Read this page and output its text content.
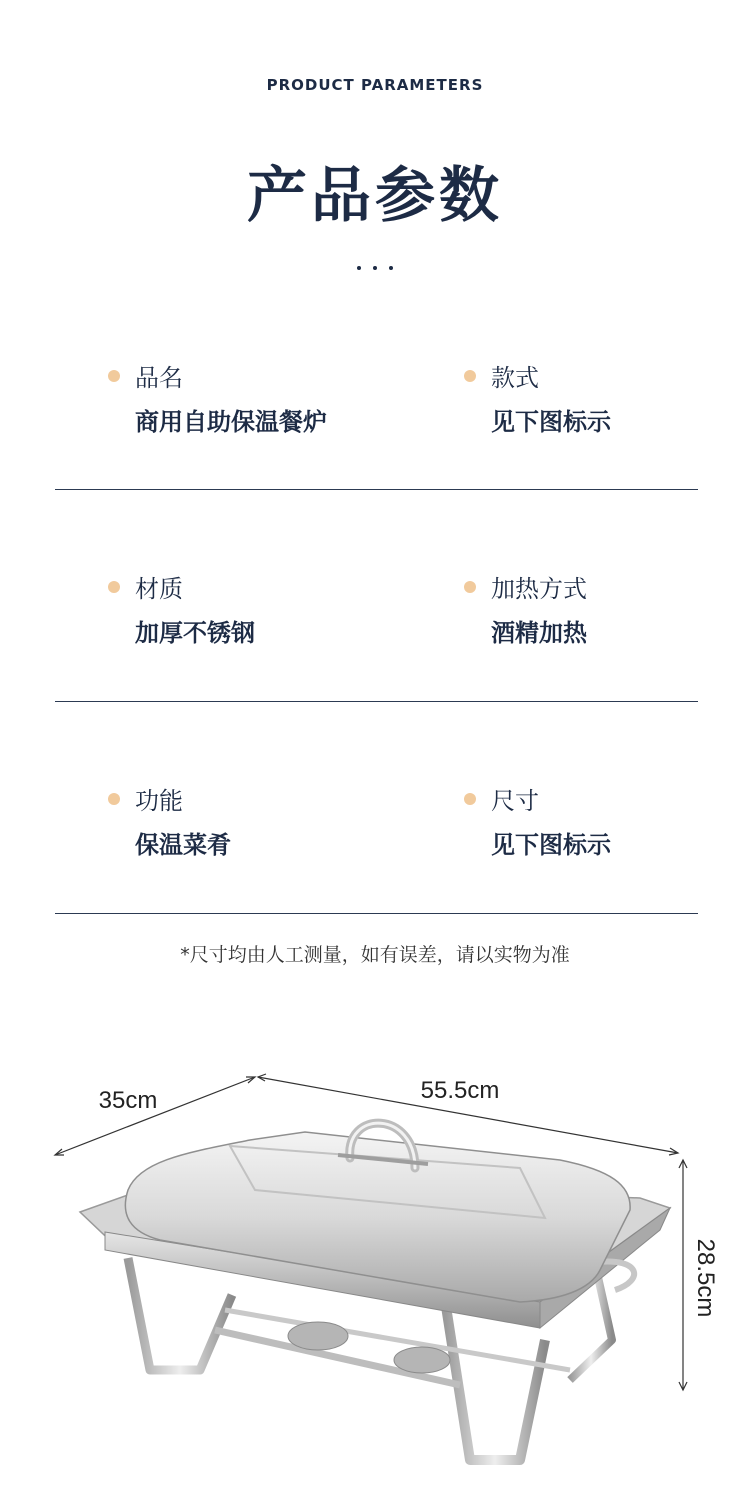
PRODUCT PARAMETERS
产品参数
品名
商用自助保温餐炉
款式
见下图标示
材质
加厚不锈钢
加热方式
酒精加热
功能
保温菜肴
尺寸
见下图标示
*尺寸均由人工测量，如有误差，请以实物为准
35cm	55.5cm
28.5cm
